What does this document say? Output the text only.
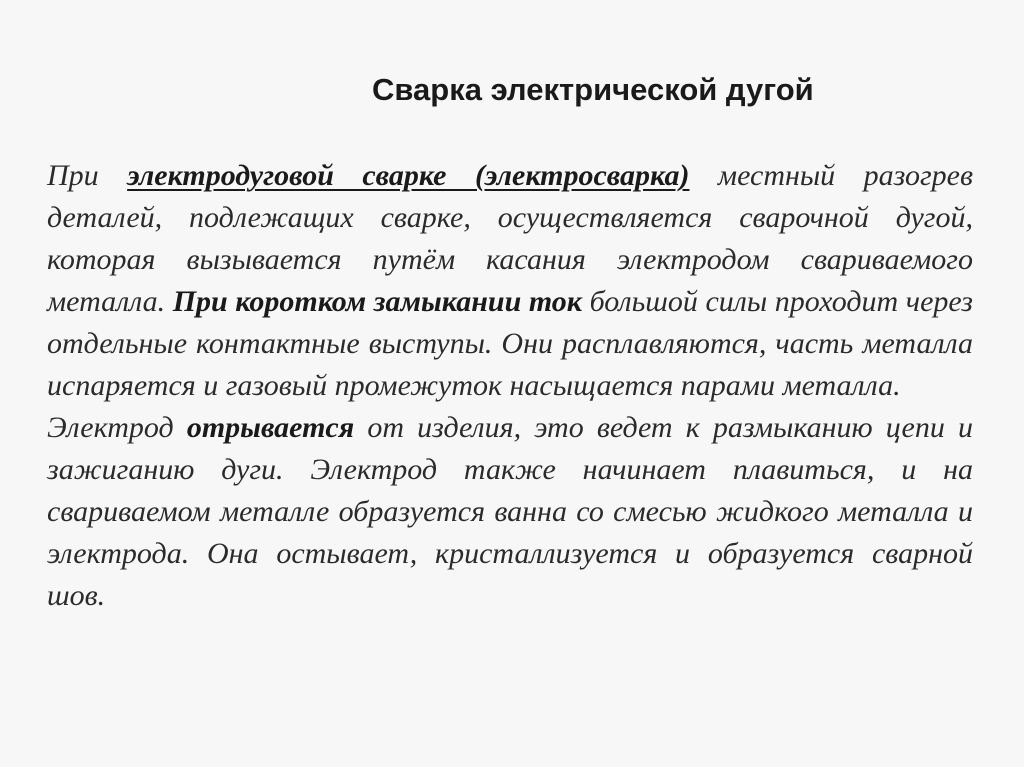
Сварка электрической дугой

При электродуговой сварке (электросварка) местный разогрев деталей, подлежащих сварке, осуществляется сварочной дугой, которая вызывается путём касания электродом свариваемого металла. При коротком замыкании ток большой силы проходит через отдельные контактные выступы. Они расплавляются, часть металла испаряется и газовый промежуток насыщается парами металла.

Электрод отрывается от изделия, это ведет к размыканию цепи и зажиганию дуги. Электрод также начинает плавиться, и на свариваемом металле образуется ванна со смесью жидкого металла и электрода. Она остывает, кристаллизуется и образуется сварной шов.
